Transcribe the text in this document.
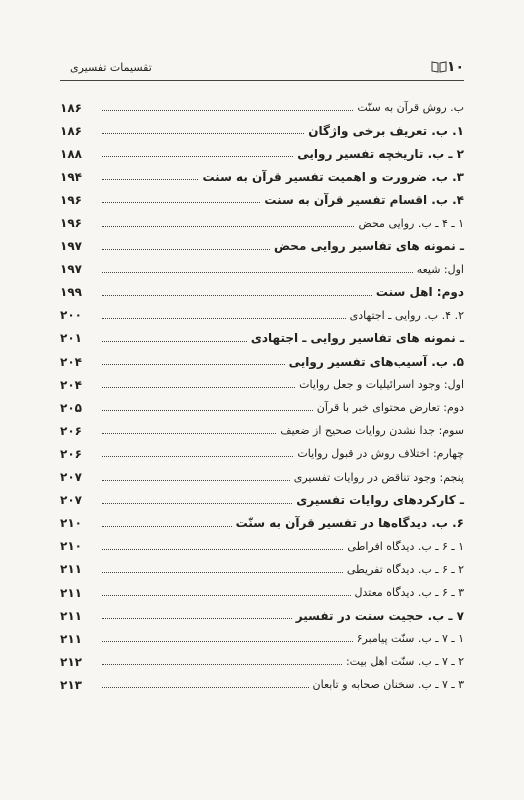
۱۰
تقسیمات تفسیری
ب. روش قرآن به سنّت
۱۸۶
۱. ب. تعریف برخی واژگان
۱۸۶
۲ ـ ب. تاریخچه تفسیر روایی
۱۸۸
۳. ب. ضرورت و اهمیت تفسیر قرآن به سنت
۱۹۴
۴. ب. اقسام تفسیر قرآن به سنت
۱۹۶
۱ ـ ۴ ـ ب. روایی محض
۱۹۶
ـ نمونه های تفاسیر روایی محض
۱۹۷
اول: شیعه
۱۹۷
دوم: اهل سنت
۱۹۹
۲. ۴. ب. روایی ـ اجتهادی
۲۰۰
ـ نمونه های تفاسیر روایی ـ اجتهادی
۲۰۱
۵. ب. آسیب‌های تفسیر روایی
۲۰۴
اول: وجود اسرائیلیات و جعل روایات
۲۰۴
دوم: تعارض محتوای خبر با قرآن
۲۰۵
سوم: جدا نشدن روایات صحیح از ضعیف
۲۰۶
چهارم: اختلاف روش در قبول روایات
۲۰۶
پنجم: وجود تناقض در روایات تفسیری
۲۰۷
ـ کارکردهای روایات تفسیری
۲۰۷
۶. ب. دیدگاه‌ها در تفسیر قرآن به سنّت
۲۱۰
۱ ـ ۶ ـ ب. دیدگاه افراطی
۲۱۰
۲ ـ ۶ ـ ب. دیدگاه تفریطی
۲۱۱
۳ ـ ۶ ـ ب. دیدگاه معتدل
۲۱۱
۷ ـ ب. حجیت سنت در تفسیر
۲۱۱
۱ ـ ۷ ـ ب. سنّت پیامبر۶
۲۱۱
۲ ـ ۷ ـ ب. سنّت اهل بیت:
۲۱۲
۳ ـ ۷ ـ ب. سخنان صحابه و تابعان
۲۱۳
